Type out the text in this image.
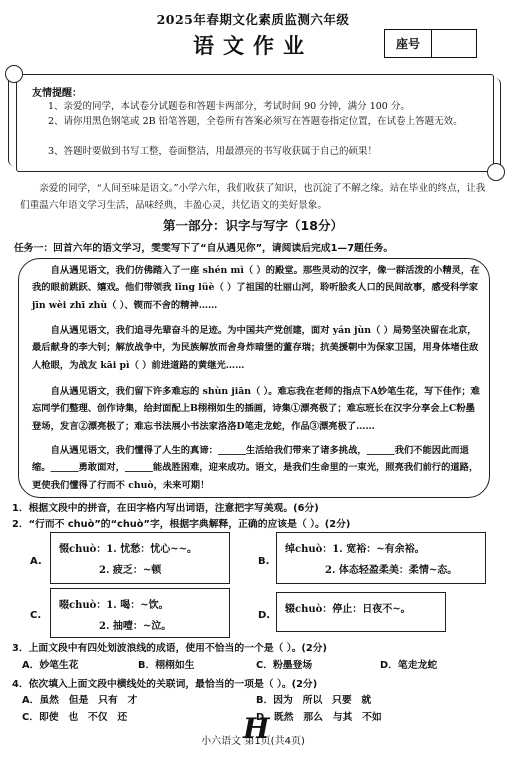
2025年春期文化素质监测六年级
语文作业	座号
友情提醒：
1、亲爱的同学，本试卷分试题卷和答题卡两部分，考试时间 90 分钟，满分 100 分。
2、请你用黑色钢笔或 2B 铅笔答题，全卷所有答案必须写在答题卷指定位置，在试卷上答题无效。
3、答题时要做到书写工整，卷面整洁，用最漂亮的书写收获属于自己的硕果！
亲爱的同学，“人间至味是语文。”小学六年，我们收获了知识，也沉淀了不解之缘。站在毕业的终点，让我们重温六年语文学习生活，品味经典，丰盈心灵，共忆语文的美好景象。
第一部分：识字与写字（18分）
任务一：回首六年的语文学习，雯雯写下了“自从遇见你”，请阅读后完成1—7题任务。
自从遇见语文，我们仿佛踏入了一座 shén mì（ ）的殿堂。那些灵动的汉字，像一群活泼的小精灵，在我的眼前跳跃、嬉戏。他们带领我 lǐng lüè（ ）了祖国的壮丽山河，聆听脍炙人口的民间故事，感受科学家 jīn wèi zhī zhù（ ）、锲而不舍的精神……
自从遇见语文，我们追寻先辈奋斗的足迹。为中国共产党创建，面对 yán jùn（ ）局势坚决留在北京，最后献身的李大钊；解放战争中，为民族解放而舍身炸暗堡的董存瑞；抗美援朝中为保家卫国，用身体堵住敌人枪眼，为战友 kāi pì（ ）前进道路的黄继光……
自从遇见语文，我们留下许多难忘的 shùn jiān（ ）。难忘我在老师的指点下A妙笔生花，写下佳作；难忘同学们整理、创作诗集，给封面配上B栩栩如生的插画，诗集①漂亮极了；难忘班长在汉字分享会上C粉墨登场，发言②漂亮极了；难忘书法展小书法家洛洛D笔走龙蛇，作品③漂亮极了……
自从遇见语文，我们懂得了人生的真谛：______生活给我们带来了诸多挑战，______我们不能因此而退缩。______勇敢面对，______能战胜困难，迎来成功。语文，是我们生命里的一束光，照亮我们前行的道路，更使我们懂得了行而不 chuò，未来可期！
1．根据文段中的拼音，在田字格内写出词语，注意把字写美观。(6分)
2．“行而不 chuò”的“chuò”字，根据字典解释，正确的应该是（ ）。(2分)
A.
惙chuò：1. 忧愁：忧心~~。
2. 疲乏：~顿
B.
绰chuò：1. 宽裕：~有余裕。
2. 体态轻盈柔美：柔情~态。
C.
啜chuò：1. 喝：~饮。
2. 抽噎：~泣。
D.
辍chuò：停止：日夜不~。
3．上面文段中有四处划波浪线的成语，使用不恰当的一个是（ ）。(2分)
A．妙笔生花	B．栩栩如生	C．粉墨登场	D．笔走龙蛇
4．依次填入上面文段中横线处的关联词，最恰当的一项是（ ）。(2分)
A．虽然　但是　只有　才	B．因为　所以　只要　就
C．即使　也　不仅　还	D．既然　那么　与其　不如
H
小六语文 第1页(共4页)
